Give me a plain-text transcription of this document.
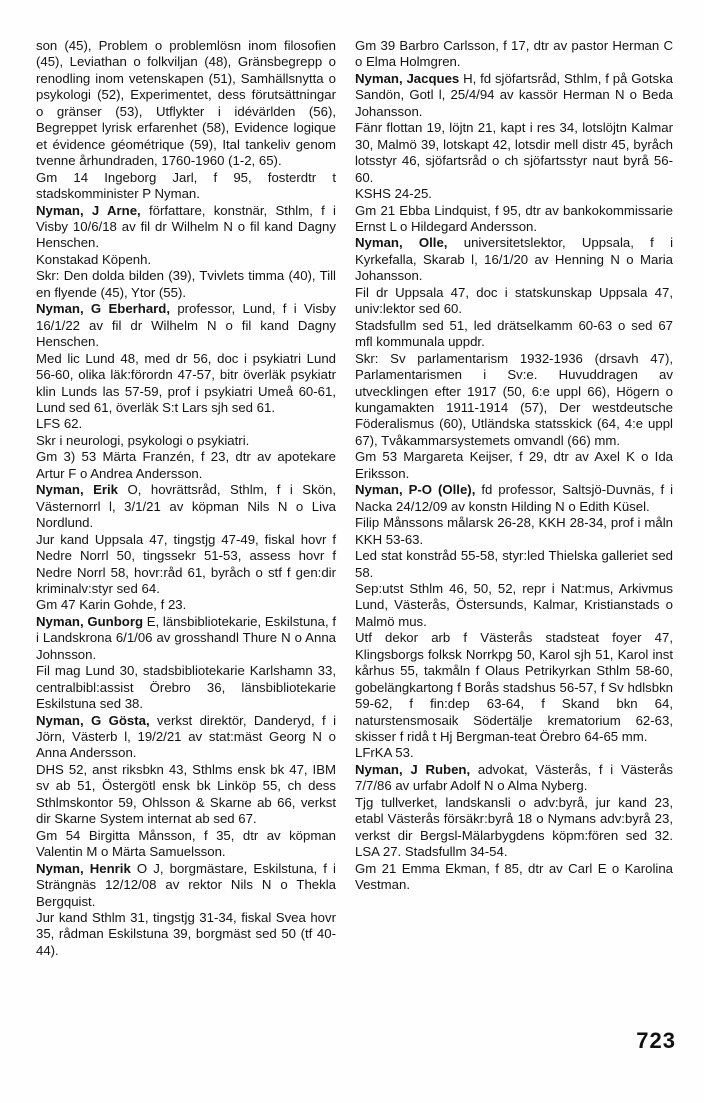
son (45), Problem o problemlösn inom filosofien (45), Leviathan o folkviljan (48), Gränsbegrepp o renodling inom vetenskapen (51), Samhällsnytta o psykologi (52), Experimentet, dess förutsättningar o gränser (53), Utflykter i idévärlden (56), Begreppet lyrisk erfarenhet (58), Evidence logique et évidence géométrique (59), Ital tankeliv genom tvenne århundraden, 1760-1960 (1-2, 65).

Gm 14 Ingeborg Jarl, f 95, fosterdtr t stadskomminister P Nyman.

Nyman, J Arne, författare, konstnär, Sthlm, f i Visby 10/6/18 av fil dr Wilhelm N o fil kand Dagny Henschen.

Konstakad Köpenh.

Skr: Den dolda bilden (39), Tvivlets timma (40), Till en flyende (45), Ytor (55).

Nyman, G Eberhard, professor, Lund, f i Visby 16/1/22 av fil dr Wilhelm N o fil kand Dagny Henschen.

Med lic Lund 48, med dr 56, doc i psykiatri Lund 56-60, olika läk:förordn 47-57, bitr överläk psykiatr klin Lunds las 57-59, prof i psykiatri Umeå 60-61, Lund sed 61, överläk S:t Lars sjh sed 61.

LFS 62.

Skr i neurologi, psykologi o psykiatri.

Gm 3) 53 Märta Franzén, f 23, dtr av apotekare Artur F o Andrea Andersson.

Nyman, Erik O, hovrättsråd, Sthlm, f i Skön, Västernorrl l, 3/1/21 av köpman Nils N o Liva Nordlund.

Jur kand Uppsala 47, tingstjg 47-49, fiskal hovr f Nedre Norrl 50, tingssekr 51-53, assess hovr f Nedre Norrl 58, hovr:råd 61, byråch o stf f gen:dir kriminalv:styr sed 64.

Gm 47 Karin Gohde, f 23.

Nyman, Gunborg E, länsbibliotekarie, Eskilstuna, f i Landskrona 6/1/06 av grosshandl Thure N o Anna Johnsson.

Fil mag Lund 30, stadsbibliotekarie Karlshamn 33, centralbibl:assist Örebro 36, länsbibliotekarie Eskilstuna sed 38.

Nyman, G Gösta, verkst direktör, Danderyd, f i Jörn, Västerb l, 19/2/21 av stat:mäst Georg N o Anna Andersson.

DHS 52, anst riksbkn 43, Sthlms ensk bk 47, IBM sv ab 51, Östergötl ensk bk Linköp 55, ch dess Sthlmskontor 59, Ohlsson & Skarne ab 66, verkst dir Skarne System internat ab sed 67.

Gm 54 Birgitta Månsson, f 35, dtr av köpman Valentin M o Märta Samuelsson.

Nyman, Henrik O J, borgmästare, Eskilstuna, f i Strängnäs 12/12/08 av rektor Nils N o Thekla Bergquist.

Jur kand Sthlm 31, tingstjg 31-34, fiskal Svea hovr 35, rådman Eskilstuna 39, borgmäst sed 50 (tf 40-44).

Gm 39 Barbro Carlsson, f 17, dtr av pastor Herman C o Elma Holmgren.

Nyman, Jacques H, fd sjöfartsråd, Sthlm, f på Gotska Sandön, Gotl l, 25/4/94 av kassör Herman N o Beda Johansson.

Fänr flottan 19, löjtn 21, kapt i res 34, lotslöjtn Kalmar 30, Malmö 39, lotskapt 42, lotsdir mell distr 45, byråch lotsstyr 46, sjöfartsråd o ch sjöfartsstyr naut byrå 56-60.

KSHS 24-25.

Gm 21 Ebba Lindquist, f 95, dtr av bankokommissarie Ernst L o Hildegard Andersson.

Nyman, Olle, universitetslektor, Uppsala, f i Kyrkefalla, Skarab l, 16/1/20 av Henning N o Maria Johansson.

Fil dr Uppsala 47, doc i statskunskap Uppsala 47, univ:lektor sed 60.

Stadsfullm sed 51, led drätselkamm 60-63 o sed 67 mfl kommunala uppdr.

Skr: Sv parlamentarism 1932-1936 (drsavh 47), Parlamentarismen i Sv:e. Huvuddragen av utvecklingen efter 1917 (50, 6:e uppl 66), Högern o kungamakten 1911-1914 (57), Der westdeutsche Föderalismus (60), Utländska statsskick (64, 4:e uppl 67), Tvåkammarsystemets omvandl (66) mm.

Gm 53 Margareta Keijser, f 29, dtr av Axel K o Ida Eriksson.

Nyman, P-O (Olle), fd professor, Saltsjö-Duvnäs, f i Nacka 24/12/09 av konstn Hilding N o Edith Küsel.

Filip Månssons målarsk 26-28, KKH 28-34, prof i måln KKH 53-63.

Led stat konstråd 55-58, styr:led Thielska galleriet sed 58.

Sep:utst Sthlm 46, 50, 52, repr i Nat:mus, Arkivmus Lund, Västerås, Östersunds, Kalmar, Kristianstads o Malmö mus.

Utf dekor arb f Västerås stadsteat foyer 47, Klingsborgs folksk Norrkpg 50, Karol sjh 51, Karol inst kårhus 55, takmåln f Olaus Petrikyrkan Sthlm 58-60, gobelängkartong f Borås stadshus 56-57, f Sv hdlsbkn 59-62, f fin:dep 63-64, f Skand bkn 64, naturstensmosaik Södertälje krematorium 62-63, skisser f ridå t Hj Bergman-teat Örebro 64-65 mm.

LFrKA 53.

Nyman, J Ruben, advokat, Västerås, f i Västerås 7/7/86 av urfabr Adolf N o Alma Nyberg.

Tjg tullverket, landskansli o adv:byrå, jur kand 23, etabl Västerås försäkr:byrå 18 o Nymans adv:byrå 23, verkst dir Bergsl-Mälarbygdens köpm:fören sed 32. LSA 27. Stadsfullm 34-54.

Gm 21 Emma Ekman, f 85, dtr av Carl E o Karolina Vestman.

723
